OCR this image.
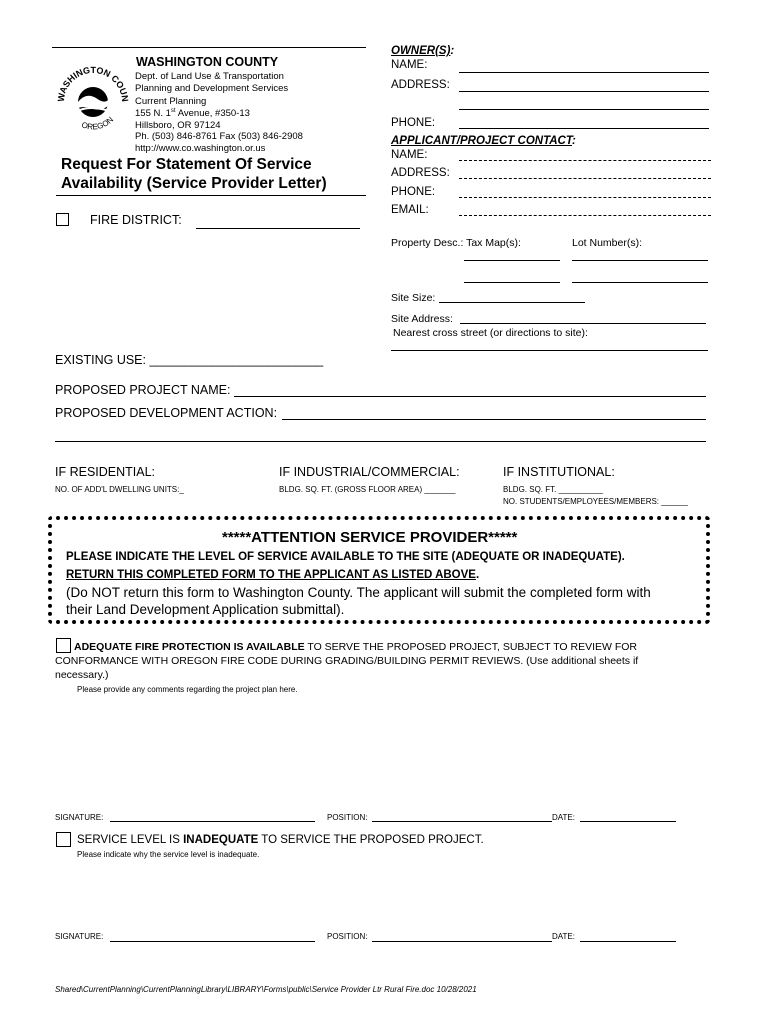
WASHINGTON COUN
OREGON
WASHINGTON COUNTY
Dept. of Land Use & Transportation
Planning and Development Services
Current Planning
155 N. 1st Avenue, #350-13
Hillsboro, OR 97124
Ph. (503) 846-8761 Fax (503) 846-2908
http://www.co.washington.or.us
Request For Statement Of Service
Availability (Service Provider Letter)
FIRE DISTRICT:
OWNER(S):
NAME:
ADDRESS:
PHONE:
APPLICANT/PROJECT CONTACT:
NAME:
ADDRESS:
PHONE:
EMAIL:
Property Desc.: Tax Map(s):	Lot Number(s):
Site Size:
Site Address:
Nearest cross street (or directions to site):
EXISTING USE: _________________________
PROPOSED PROJECT NAME:
PROPOSED DEVELOPMENT ACTION:
IF RESIDENTIAL:
NO. OF ADD'L DWELLING UNITS:_
IF INDUSTRIAL/COMMERCIAL:
BLDG. SQ. FT. (GROSS FLOOR AREA) _______
IF INSTITUTIONAL:
BLDG. SQ. FT. __________
NO. STUDENTS/EMPLOYEES/MEMBERS: ______
*****ATTENTION SERVICE PROVIDER*****
PLEASE INDICATE THE LEVEL OF SERVICE AVAILABLE TO THE SITE (ADEQUATE OR INADEQUATE).
RETURN THIS COMPLETED FORM TO THE APPLICANT AS LISTED ABOVE.
(Do NOT return this form to Washington County. The applicant will submit the completed form with
their Land Development Application submittal).
ADEQUATE FIRE PROTECTION IS AVAILABLE TO SERVE THE PROPOSED PROJECT, SUBJECT TO REVIEW FOR
CONFORMANCE WITH OREGON FIRE CODE DURING GRADING/BUILDING PERMIT REVIEWS. (Use additional sheets if
necessary.)
Please provide any comments regarding the project plan here.
SIGNATURE:	POSITION:	DATE:
SERVICE LEVEL IS INADEQUATE TO SERVICE THE PROPOSED PROJECT.
Please indicate why the service level is inadequate.
SIGNATURE:	POSITION:	DATE:
Shared\CurrentPlanning\CurrentPlanningLibrary\LIBRARY\Forms\public\Service Provider Ltr Rural Fire.doc 10/28/2021
